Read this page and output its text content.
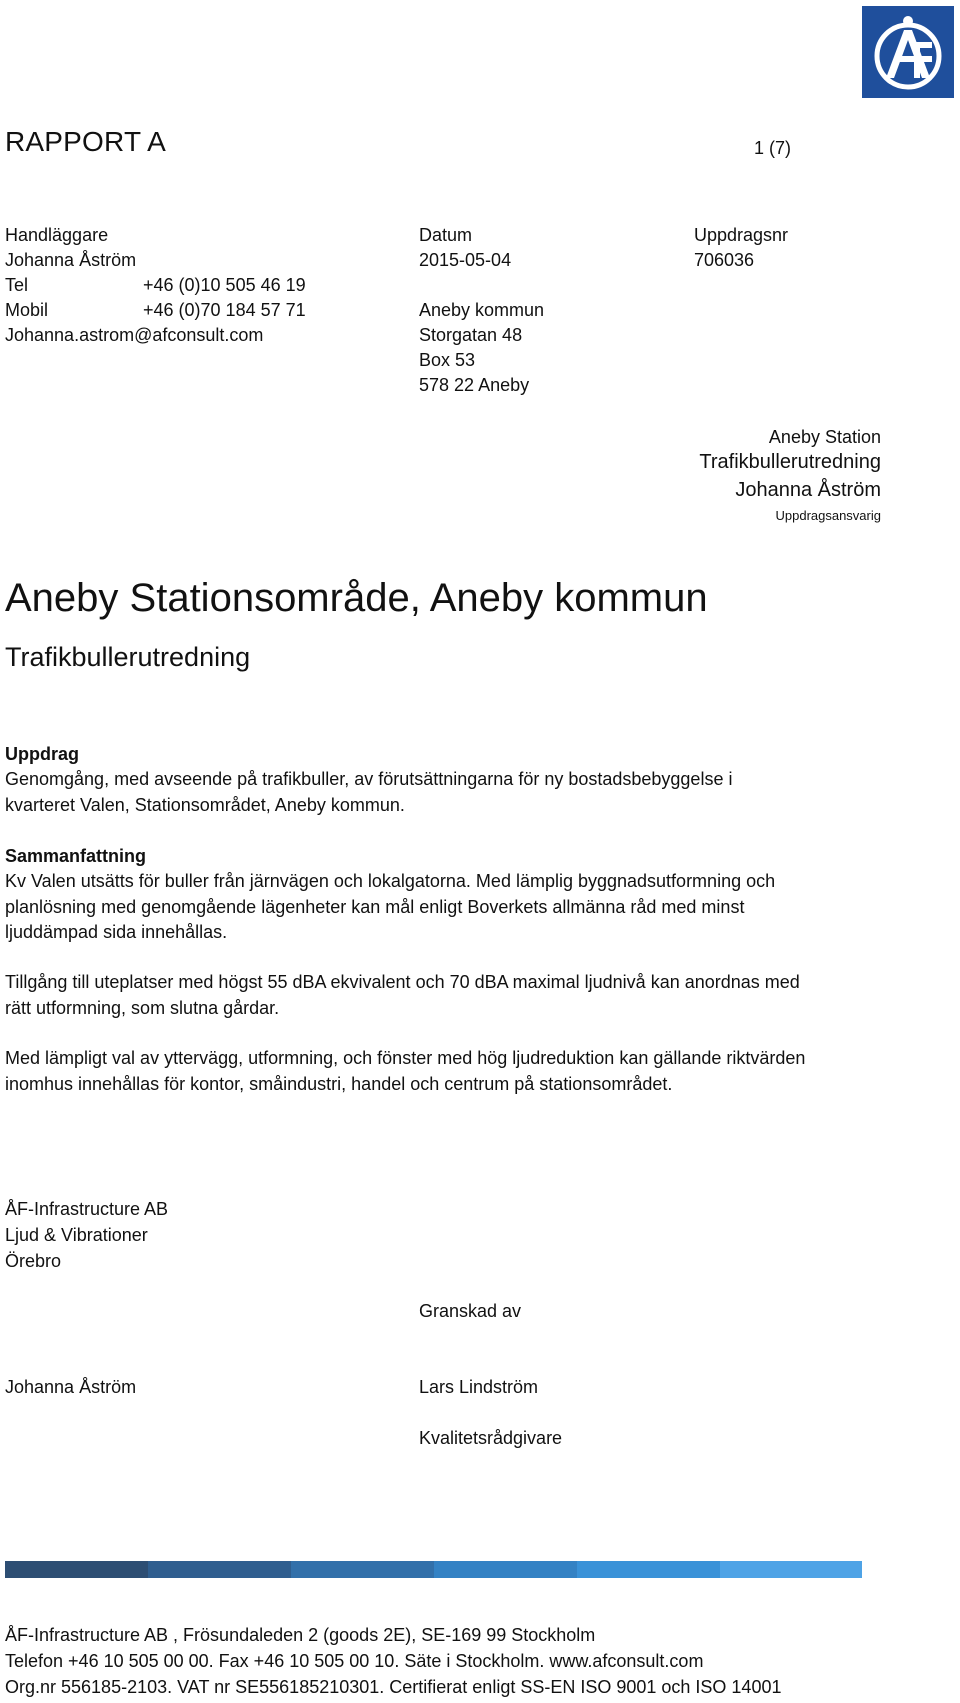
RAPPORT A	1 (7)
Handläggare
Johanna Åström
Tel	+46 (0)10 505 46 19
Mobil	+46 (0)70 184 57 71
Johanna.astrom@afconsult.com
Datum
2015-05-04
Aneby kommun
Storgatan 48
Box 53
578 22 Aneby
Uppdragsnr
706036
Aneby Station
Trafikbullerutredning
Johanna Åström
Uppdragsansvarig
Aneby Stationsområde, Aneby kommun
Trafikbullerutredning
Uppdrag
Genomgång, med avseende på trafikbuller, av förutsättningarna för ny bostadsbebyggelse i kvarteret Valen, Stationsområdet, Aneby kommun.
Sammanfattning
Kv Valen utsätts för buller från järnvägen och lokalgatorna. Med lämplig byggnadsutformning och planlösning med genomgående lägenheter kan mål enligt Boverkets allmänna råd med minst ljuddämpad sida innehållas.
Tillgång till uteplatser med högst 55 dBA ekvivalent och 70 dBA maximal ljudnivå kan anordnas med rätt utformning, som slutna gårdar.
Med lämpligt val av yttervägg, utformning, och fönster med hög ljudreduktion kan gällande riktvärden inomhus innehållas för kontor, småindustri, handel och centrum på stationsområdet.
ÅF-Infrastructure AB
Ljud & Vibrationer
Örebro
Granskad av
Johanna Åström	Lars Lindström
Kvalitetsrådgivare
ÅF-Infrastructure AB , Frösundaleden 2 (goods 2E), SE-169 99 Stockholm
Telefon +46 10 505 00 00. Fax +46 10 505 00 10. Säte i Stockholm. www.afconsult.com
Org.nr 556185-2103. VAT nr SE556185210301. Certifierat enligt SS-EN ISO 9001 och ISO 14001
